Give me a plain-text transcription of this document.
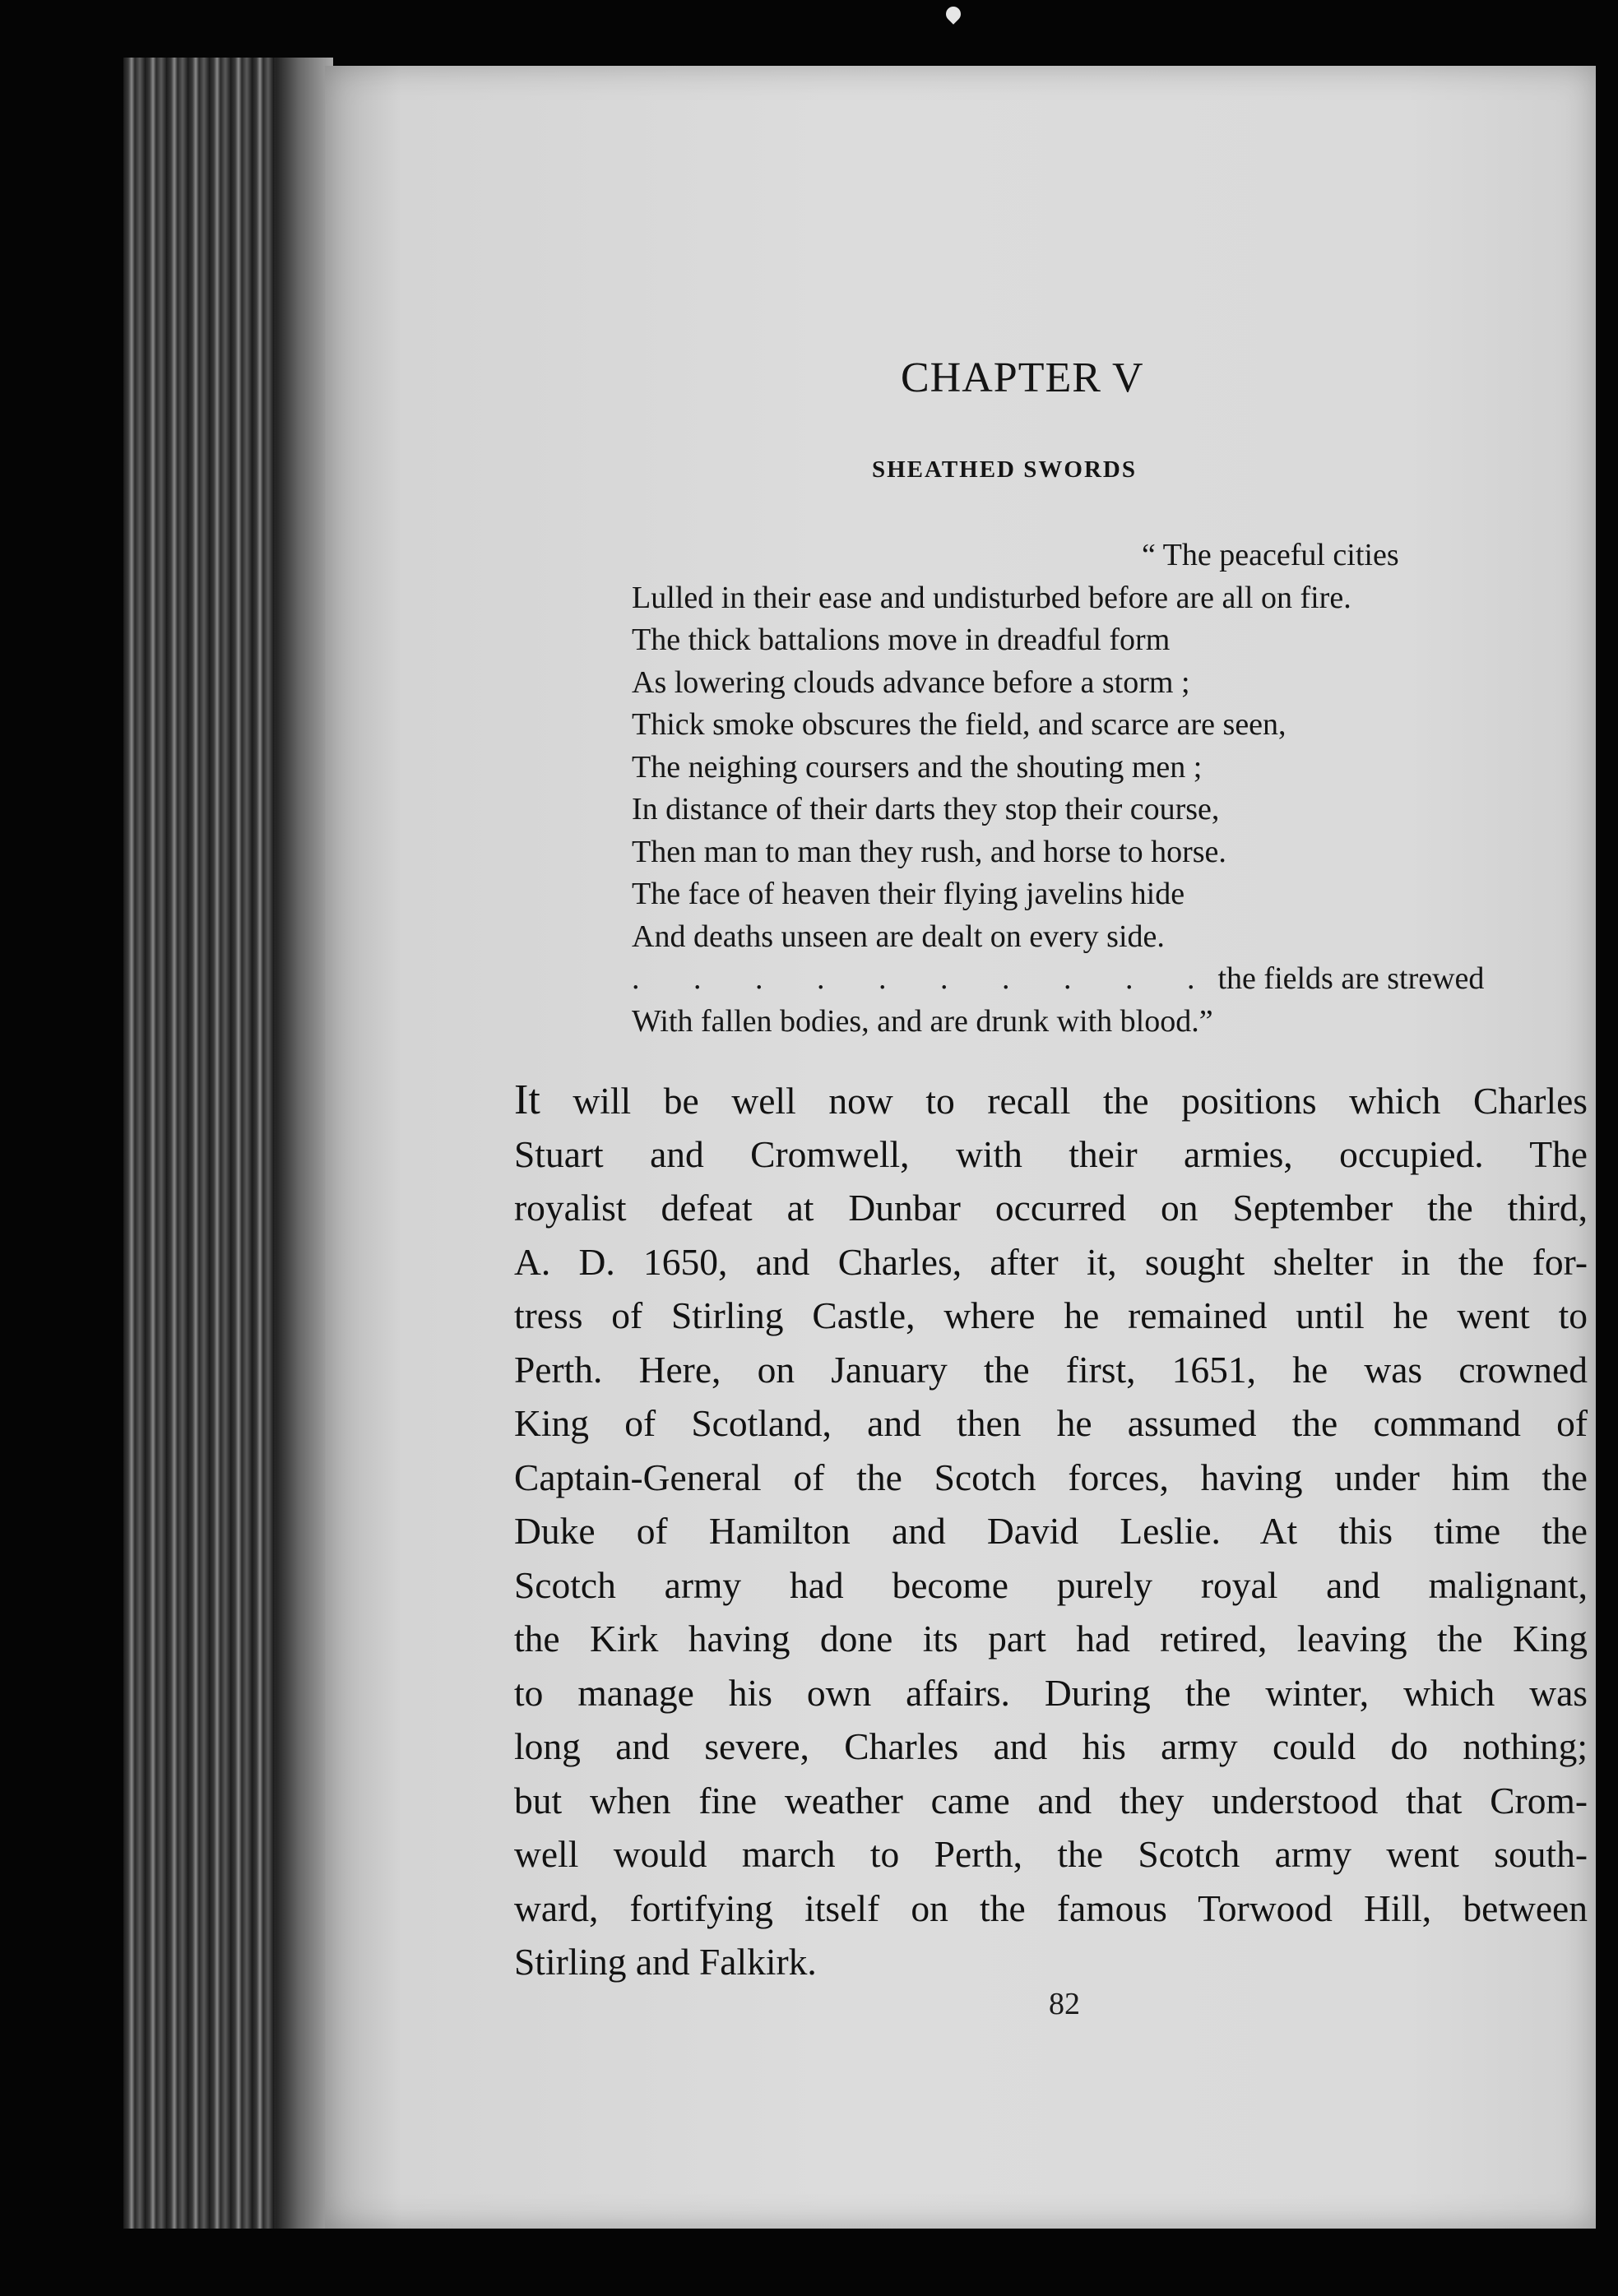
CHAPTER V
SHEATHED SWORDS
“ The peaceful cities
Lulled in their ease and undisturbed before are all on fire.
The thick battalions move in dreadful form
As lowering clouds advance before a storm ;
Thick smoke obscures the field, and scarce are seen,
The neighing coursers and the shouting men ;
In distance of their darts they stop their course,
Then man to man they rush, and horse to horse.
The face of heaven their flying javelins hide
And deaths unseen are dealt on every side.
. . . . . . . . . . the fields are strewed
With fallen bodies, and are drunk with blood.”
It will be well now to recall the positions which Charles
Stuart and Cromwell, with their armies, occupied. The
royalist defeat at Dunbar occurred on September the third,
A. D. 1650, and Charles, after it, sought shelter in the for-
tress of Stirling Castle, where he remained until he went to
Perth. Here, on January the first, 1651, he was crowned
King of Scotland, and then he assumed the command of
Captain-General of the Scotch forces, having under him the
Duke of Hamilton and David Leslie. At this time the
Scotch army had become purely royal and malignant,
the Kirk having done its part had retired, leaving the King
to manage his own affairs. During the winter, which was
long and severe, Charles and his army could do nothing;
but when fine weather came and they understood that Crom-
well would march to Perth, the Scotch army went south-
ward, fortifying itself on the famous Torwood Hill, between
Stirling and Falkirk.
82
